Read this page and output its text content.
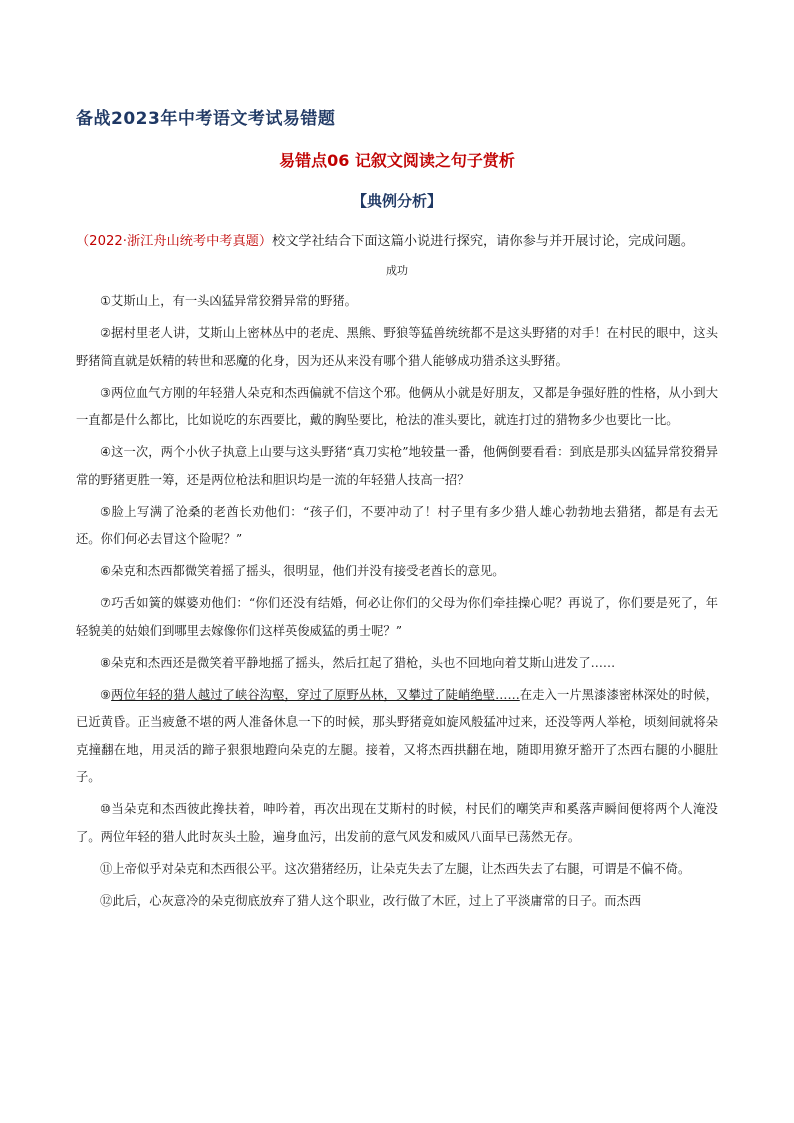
备战2023年中考语文考试易错题
易错点06 记叙文阅读之句子赏析
【典例分析】
（2022·浙江舟山统考中考真题）校文学社结合下面这篇小说进行探究，请你参与并开展讨论，完成问题。
成功

①艾斯山上，有一头凶猛异常狡猾异常的野猪。

②据村里老人讲，艾斯山上密林丛中的老虎、黑熊、野狼等猛兽统统都不是这头野猪的对手！在村民的眼中，这头野猪简直就是妖精的转世和恶魔的化身，因为还从来没有哪个猎人能够成功猎杀这头野猪。

③两位血气方刚的年轻猎人朵克和杰西偏就不信这个邪。他俩从小就是好朋友，又都是争强好胜的性格，从小到大一直都是什么都比，比如说吃的东西要比，戴的胸坠要比，枪法的准头要比，就连打过的猎物多少也要比一比。

④这一次，两个小伙子执意上山要与这头野猪“真刀实枪”地较量一番，他俩倒要看看：到底是那头凶猛异常狡猾异常的野猪更胜一筹，还是两位枪法和胆识均是一流的年轻猎人技高一招？

⑤脸上写满了沧桑的老酋长劝他们：“孩子们，不要冲动了！村子里有多少猎人雄心勃勃地去猎猪，都是有去无还。你们何必去冒这个险呢？”

⑥朵克和杰西都微笑着摇了摇头，很明显，他们并没有接受老酋长的意见。

⑦巧舌如簧的媒婆劝他们：“你们还没有结婚，何必让你们的父母为你们牵挂操心呢？再说了，你们要是死了，年轻貌美的姑娘们到哪里去嫁像你们这样英俊威猛的勇士呢？”

⑧朵克和杰西还是微笑着平静地摇了摇头，然后扛起了猎枪，头也不回地向着艾斯山进发了……

⑨两位年轻的猎人越过了峡谷沟壑，穿过了原野丛林，又攀过了陡峭绝壁……在走入一片黑漆漆密林深处的时候，已近黄昏。正当疲惫不堪的两人准备休息一下的时候，那头野猪竟如旋风般猛冲过来，还没等两人举枪，顷刻间就将朵克撞翻在地，用灵活的蹄子狠狠地蹬向朵克的左腿。接着，又将杰西拱翻在地，随即用獠牙豁开了杰西右腿的小腿肚子。

⑩当朵克和杰西彼此搀扶着，呻吟着，再次出现在艾斯村的时候，村民们的嘲笑声和奚落声瞬间便将两个人淹没了。两位年轻的猎人此时灰头土脸，遍身血污，出发前的意气风发和威风八面早已荡然无存。

⑪上帝似乎对朵克和杰西很公平。这次猎猪经历，让朵克失去了左腿，让杰西失去了右腿，可谓是不偏不倚。

⑫此后，心灰意冷的朵克彻底放弃了猎人这个职业，改行做了木匠，过上了平淡庸常的日子。而杰西
